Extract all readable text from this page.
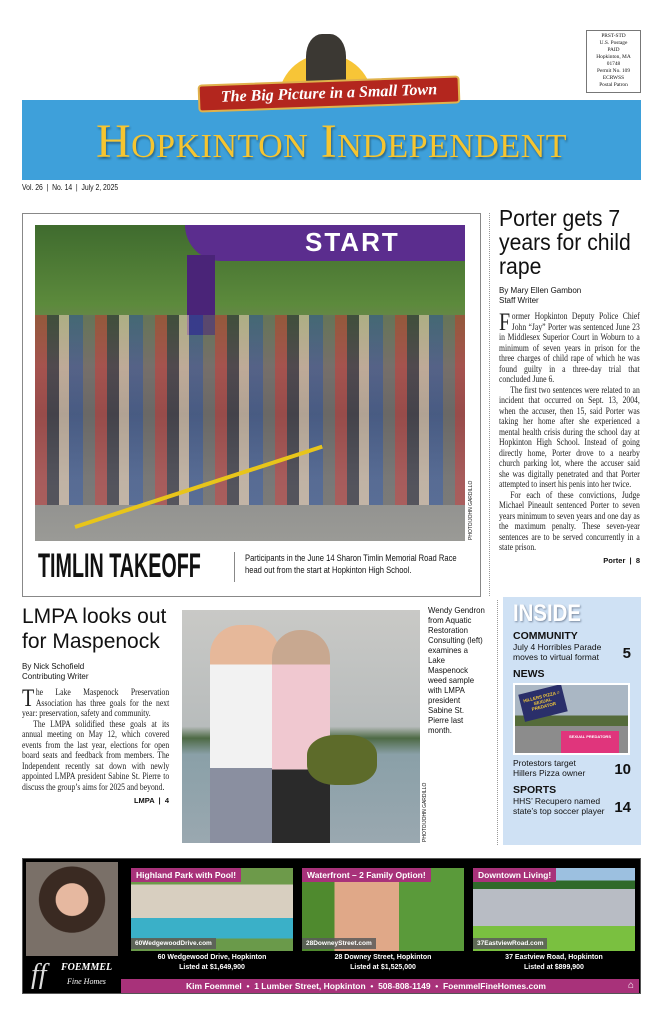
The Big Picture in a Small Town
Hopkinton Independent
PRST-STD
U.S. Postage
PAID
Hopkinton, MA
01748
Permit No. 109
ECRWSS
Postal Patron
Vol. 26  |  No. 14  |  July 2, 2025
START
PHOTO/JOHN GARDILLO
TIMLIN TAKEOFF	Participants in the June 14 Sharon Timlin Memorial Road Race head out from the start at Hopkinton High School.
Porter gets 7 years for child rape
By Mary Ellen Gambon
Staff Writer

Former Hopkinton Deputy Police Chief John “Jay” Porter was sentenced June 23 in Middlesex Superior Court in Woburn to a minimum of seven years in prison for the three charges of child rape of which he was found guilty in a three-day trial that concluded June 6.

The first two sentences were related to an incident that occurred on Sept. 13, 2004, when the accuser, then 15, said Porter was taking her home after she experienced a mental health crisis during the school day at Hopkinton High School. Instead of going directly home, Porter drove to a nearby church parking lot, where the accuser said she was digitally penetrated and that Porter attempted to insert his penis into her twice.

For each of these convictions, Judge Michael Pineault sentenced Porter to seven years minimum to seven years and one day as the maximum penalty. These seven-year sentences are to be served concurrently in a state prison.

Porter  |  8
LMPA looks out for Maspenock
By Nick Schofield
Contributing Writer

The Lake Maspenock Preservation Association has three goals for the next year: preservation, safety and community.

The LMPA solidified these goals at its annual meeting on May 12, which covered events from the last year, elections for open board seats and feedback from members. The Independent recently sat down with newly appointed LMPA president Sabine St. Pierre to discuss the group’s aims for 2025 and beyond.

LMPA  |  4	PHOTO/JOHN GARDILLO
Wendy Gendron from Aquatic Restoration Consulting (left) examines a Lake Maspenock weed sample with LMPA president Sabine St. Pierre last month.
INSIDE
COMMUNITY
July 4 Horribles Parade moves to virtual format 5
NEWS
HILLERS PIZZA = SEXUAL PREDATOR
SEXUAL PREDATORS
Protestors target Hillers Pizza owner	10
SPORTS
HHS’ Recupero named state’s top soccer player 14
ff FOEMMEL
Fine Homes
Highland Park with Pool!
60WedgewoodDrive.com
60 Wedgewood Drive, Hopkinton
Listed at $1,649,900
Waterfront – 2 Family Option!
28DowneyStreet.com
28 Downey Street, Hopkinton
Listed at $1,525,000
Downtown Living!
37EastviewRoad.com
37 Eastview Road, Hopkinton
Listed at $899,900
Kim Foemmel  •  1 Lumber Street, Hopkinton  •  508-808-1149  •  FoemmelFineHomes.com	⌂
